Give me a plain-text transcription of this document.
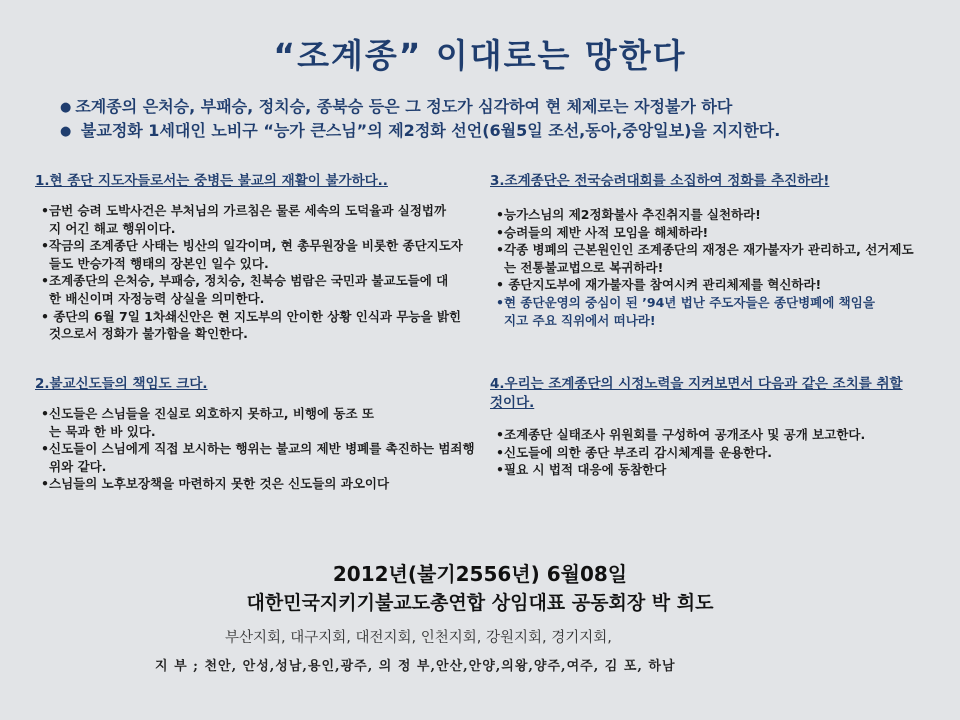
“조계종” 이대로는 망한다
● 조계종의 은처승, 부패승, 정치승, 종북승 등은 그 정도가 심각하여 현 체제로는 자정불가 하다
● 불교정화 1세대인 노비구 “능가 큰스님”의 제2정화 선언(6월5일 조선,동아,중앙일보)을 지지한다.
1.현 종단 지도자들로서는 중병든 불교의 재활이 불가하다..
•금번 승려 도박사건은 부처님의 가르침은 물론 세속의 도덕율과 실정법까지 어긴 해교 행위이다.
•작금의 조계종단 사태는 빙산의 일각이며, 현 총무원장을 비롯한 종단지도자들도 반승가적 행태의 장본인 일수 있다.
•조계종단의 은처승, 부패승, 정치승, 친북승 범람은 국민과 불교도들에 대한 배신이며 자정능력 상실을 의미한다.
• 종단의 6월 7일 1차쇄신안은 현 지도부의 안이한 상황 인식과 무능을 밝힌 것으로서 정화가 불가함을 확인한다.
2.불교신도들의 책임도 크다.
•신도들은 스님들을 진실로 외호하지 못하고, 비행에 동조 또는 묵과 한 바 있다.
•신도들이 스님에게 직접 보시하는 행위는 불교의 제반 병폐를 촉진하는 범죄행위와 같다.
•스님들의 노후보장책을 마련하지 못한 것은 신도들의 과오이다
3.조계종단은 전국승려대회를 소집하여 정화를 추진하라!
•능가스님의 제2정화불사 추진취지를 실천하라!
•승려들의 제반 사적 모임을 해체하라!
•각종 병폐의 근본원인인 조계종단의 재정은 재가불자가 관리하고, 선거제도는 전통불교법으로 복귀하라!
• 종단지도부에 재가불자를 참여시켜 관리체제를 혁신하라!
•현 종단운영의 중심이 된 ’94년 법난 주도자들은 종단병폐에 책임을 지고 주요 직위에서 떠나라!
4.우리는 조계종단의 시정노력을 지켜보면서 다음과 같은 조치를 취할 것이다.
•조계종단 실태조사 위원회를 구성하여 공개조사 및 공개 보고한다.
•신도들에 의한 종단 부조리 감시체계를 운용한다.
•필요 시 법적 대응에 동참한다
2012년(불기2556년) 6월08일
대한민국지키기불교도총연합 상임대표 공동회장 박 희도
부산지회, 대구지회, 대전지회, 인천지회, 강원지회, 경기지회,
지 부 ; 천안, 안성,성남,용인,광주, 의 정 부,안산,안양,의왕,양주,여주, 김 포, 하남
